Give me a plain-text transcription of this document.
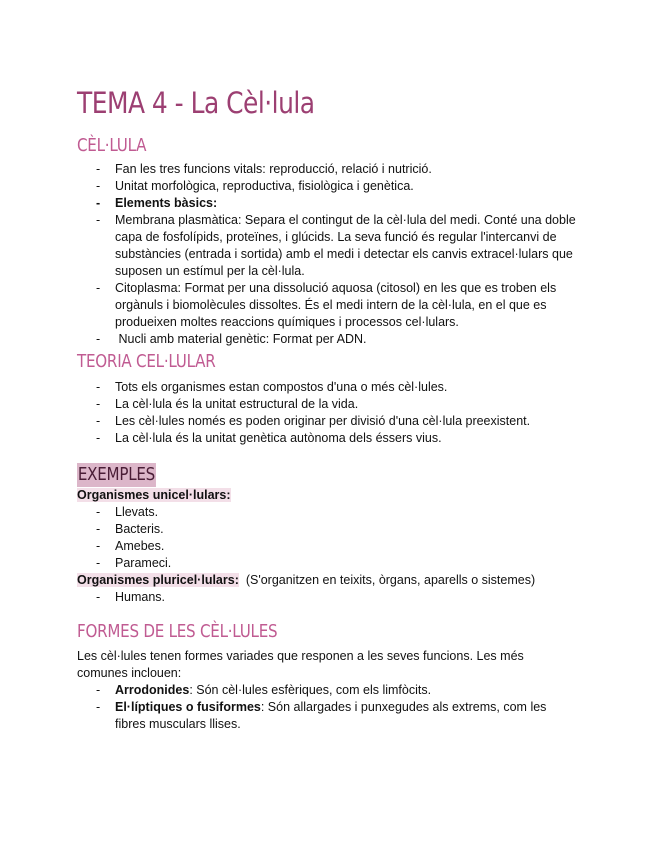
TEMA 4 - La Cèl·lula
CÈL·LULA
- Fan les tres funcions vitals: reproducció, relació i nutrició.
- Unitat morfològica, reproductiva, fisiològica i genètica.
- Elements bàsics:
- Membrana plasmàtica: Separa el contingut de la cèl·lula del medi. Conté una doble capa de fosfolípids, proteïnes, i glúcids. La seva funció és regular l'intercanvi de substàncies (entrada i sortida) amb el medi i detectar els canvis extracel·lulars que suposen un estímul per la cèl·lula.
- Citoplasma: Format per una dissolució aquosa (citosol) en les que es troben els orgànuls i biomolècules dissoltes. És el medi intern de la cèl·lula, en el que es produeixen moltes reaccions químiques i processos cel·lulars.
-  Nucli amb material genètic: Format per ADN.
TEORIA CEL·LULAR
- Tots els organismes estan compostos d'una o més cèl·lules.
- La cèl·lula és la unitat estructural de la vida.
- Les cèl·lules només es poden originar per divisió d'una cèl·lula preexistent.
- La cèl·lula és la unitat genètica autònoma dels éssers vius.
EXEMPLES

Organismes unicel·lulars:

- Llevats.
- Bacteris.
- Amebes.
- Parameci.

Organismes pluricel·lulars: (S'organitzen en teixits, òrgans, aparells o sistemes)

- Humans.
FORMES DE LES CÈL·LULES

Les cèl·lules tenen formes variades que responen a les seves funcions. Les més comunes inclouen:

- Arrodonides: Són cèl·lules esfèriques, com els limfòcits.
- El·líptiques o fusiformes: Són allargades i punxegudes als extrems, com les fibres musculars llises.
